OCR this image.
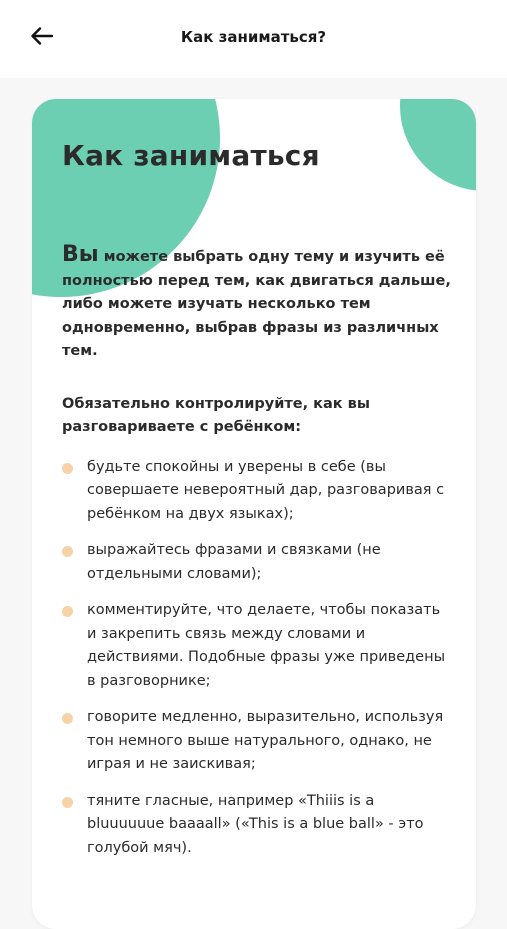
Как заниматься?
Как заниматься

Вы можете выбрать одну тему и изучить её полностью перед тем, как двигаться дальше, либо можете изучать несколько тем одновременно, выбрав фразы из различных тем.

Обязательно контролируйте, как вы разговариваете с ребёнком:

будьте спокойны и уверены в себе (вы совершаете невероятный дар, разговаривая с ребёнком на двух языках);
выражайтесь фразами и связками (не отдельными словами);
комментируйте, что делаете, чтобы показать и закрепить связь между словами и действиями. Подобные фразы уже приведены в разговорнике;
говорите медленно, выразительно, используя тон немного выше натурального, однако, не играя и не заискивая;
тяните гласные, например «Thiiis is a bluuuuuue baaaall» («This is a blue ball» - это голубой мяч).
